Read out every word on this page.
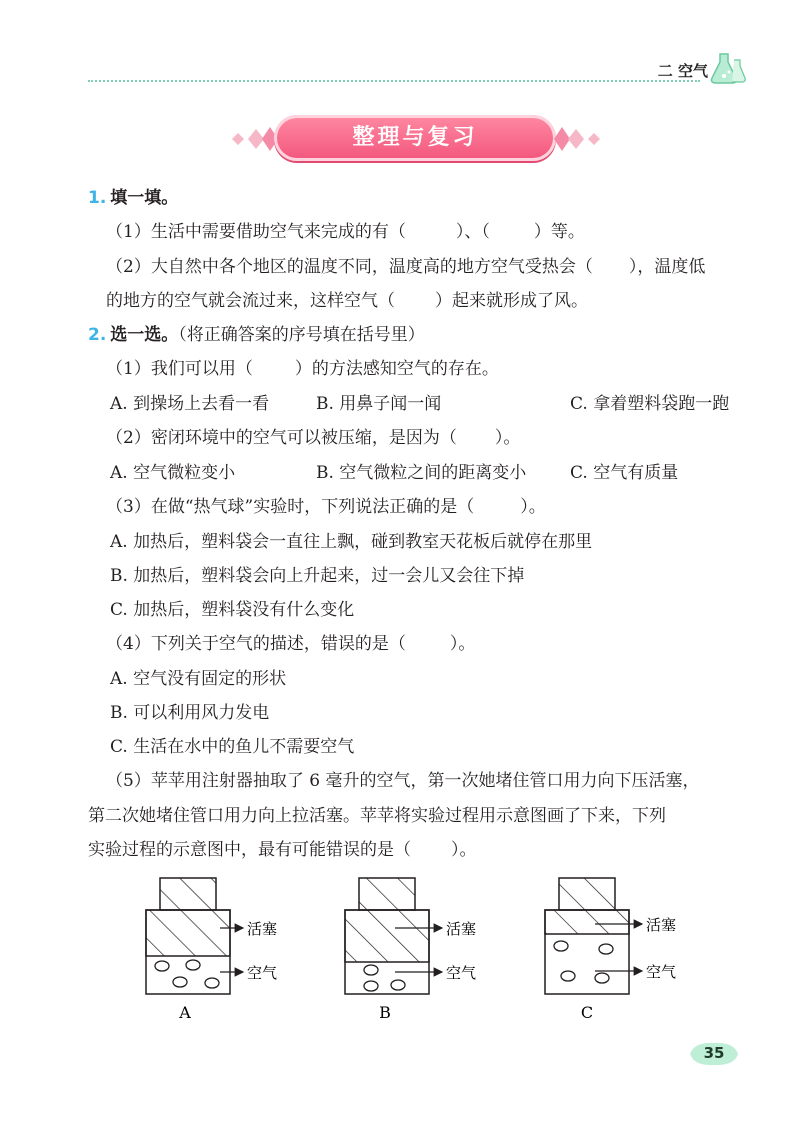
二 空气
整理与复习
1. 填一填。
（1）生活中需要借助空气来完成的有（	）、（	）等。
（2）大自然中各个地区的温度不同，温度高的地方空气受热会（ ），温度低
的地方的空气就会流过来，这样空气（ ）起来就形成了风。
2. 选一选。（将正确答案的序号填在括号里）
（1）我们可以用（ ）的方法感知空气的存在。
A. 到操场上去看一看	B. 用鼻子闻一闻	C. 拿着塑料袋跑一跑
（2）密闭环境中的空气可以被压缩，是因为（ ）。
A. 空气微粒变小	B. 空气微粒之间的距离变小	C. 空气有质量
（3）在做“热气球”实验时，下列说法正确的是（	）。
A. 加热后，塑料袋会一直往上飘，碰到教室天花板后就停在那里
B. 加热后，塑料袋会向上升起来，过一会儿又会往下掉
C. 加热后，塑料袋没有什么变化
（4）下列关于空气的描述，错误的是（	）。
A. 空气没有固定的形状
B. 可以利用风力发电
C. 生活在水中的鱼儿不需要空气
（5）苹苹用注射器抽取了 6 毫升的空气，第一次她堵住管口用力向下压活塞，
第二次她堵住管口用力向上拉活塞。苹苹将实验过程用示意图画了下来，下列
实验过程的示意图中，最有可能错误的是（ ）。
活塞
空气
A
活塞
空气
B
活塞
空气
C
35
